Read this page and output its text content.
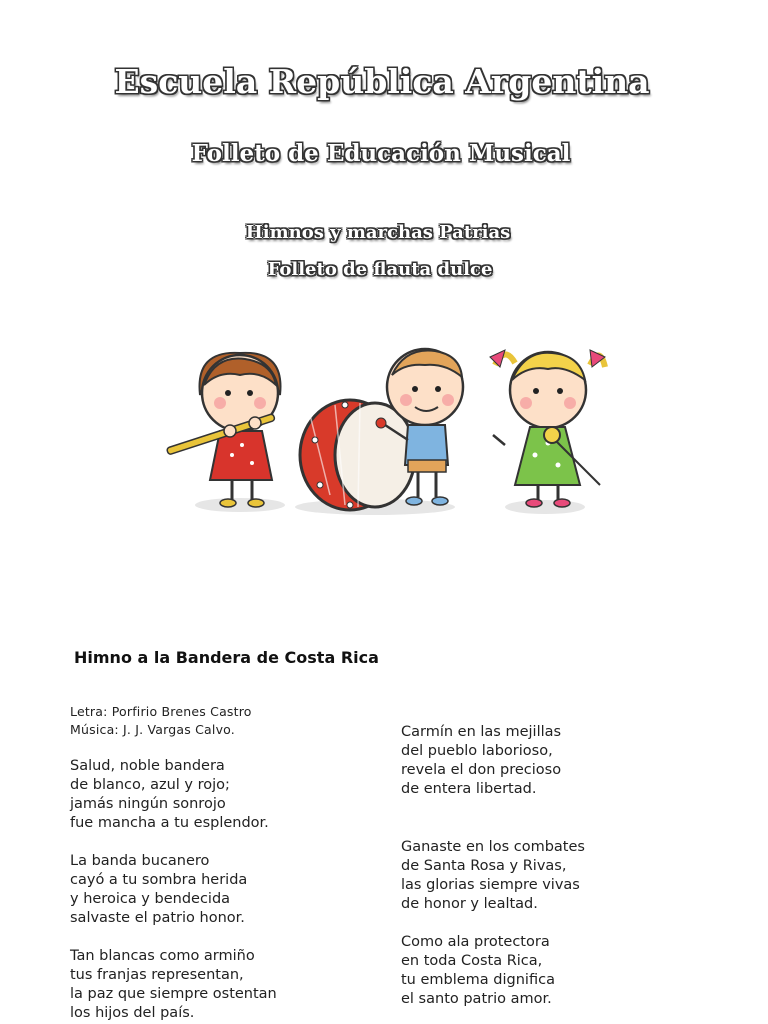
Escuela República Argentina
Folleto de Educación Musical
Himnos y marchas Patrias
Folleto de flauta dulce
Himno a la Bandera de Costa Rica
Letra: Porfirio Brenes Castro
Música: J. J. Vargas Calvo.
Salud, noble bandera
de blanco, azul y rojo;
jamás ningún sonrojo
fue mancha a tu esplendor.
La banda bucanero
cayó a tu sombra herida
y heroica y bendecida
salvaste el patrio honor.
Tan blancas como armiño
tus franjas representan,
la paz que siempre ostentan
los hijos del país.
Carmín en las mejillas
del pueblo laborioso,
revela el don precioso
de entera libertad.
Ganaste en los combates
de Santa Rosa y Rivas,
las glorias siempre vivas
de honor y lealtad.
Como ala protectora
en toda Costa Rica,
tu emblema dignifica
el santo patrio amor.
